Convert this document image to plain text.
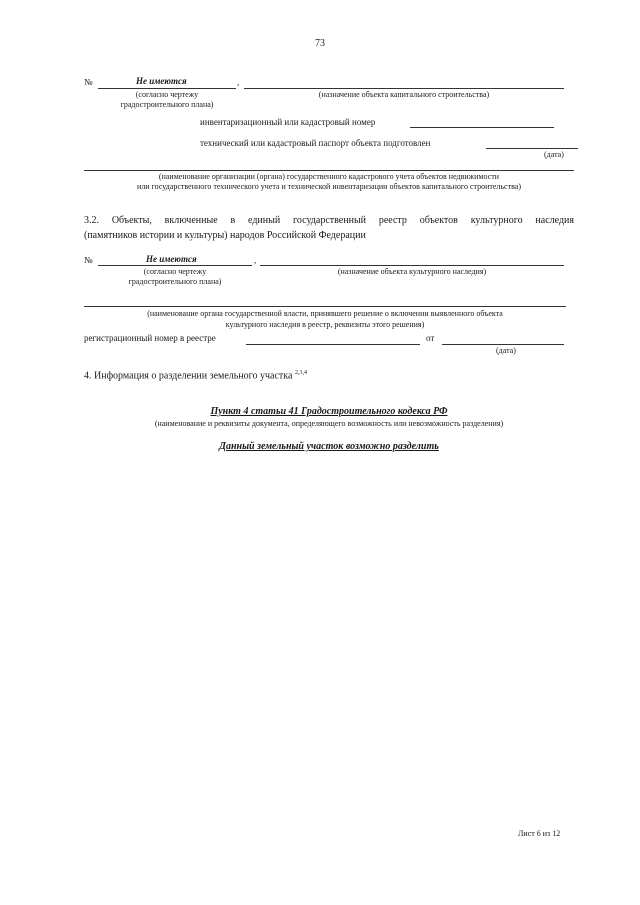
73
№	Не имеются	,
(согласно чертежу
градостроительного плана)
(назначение объекта капитального строительства)
инвентаризационный или кадастровый номер
технический или кадастровый паспорт объекта подготовлен
(дата)
(наименование организации (органа) государственного кадастрового учета объектов недвижимости
или государственного технического учета и технической инвентаризации объектов капитального строительства)
3.2. Объекты, включенные в единый государственный реестр объектов культурного наследия
(памятников истории и культуры) народов Российской Федерации
№	Не имеются	,
(согласно чертежу
градостроительного плана)
(назначение объекта культурного наследия)
(наименование органа государственной власти, принявшего решение о включении выявленного объекта
культурного наследия в реестр, реквизиты этого решения)
регистрационный номер в реестре	от
(дата)
4. Информация о разделении земельного участка $^{2,3,4}$
Пункт 4 статьи 41 Градостроительного кодекса РФ
(наименование и реквизиты документа, определяющего возможность или невозможность разделения)
Данный земельный участок возможно разделить
Лист 6 из 12
